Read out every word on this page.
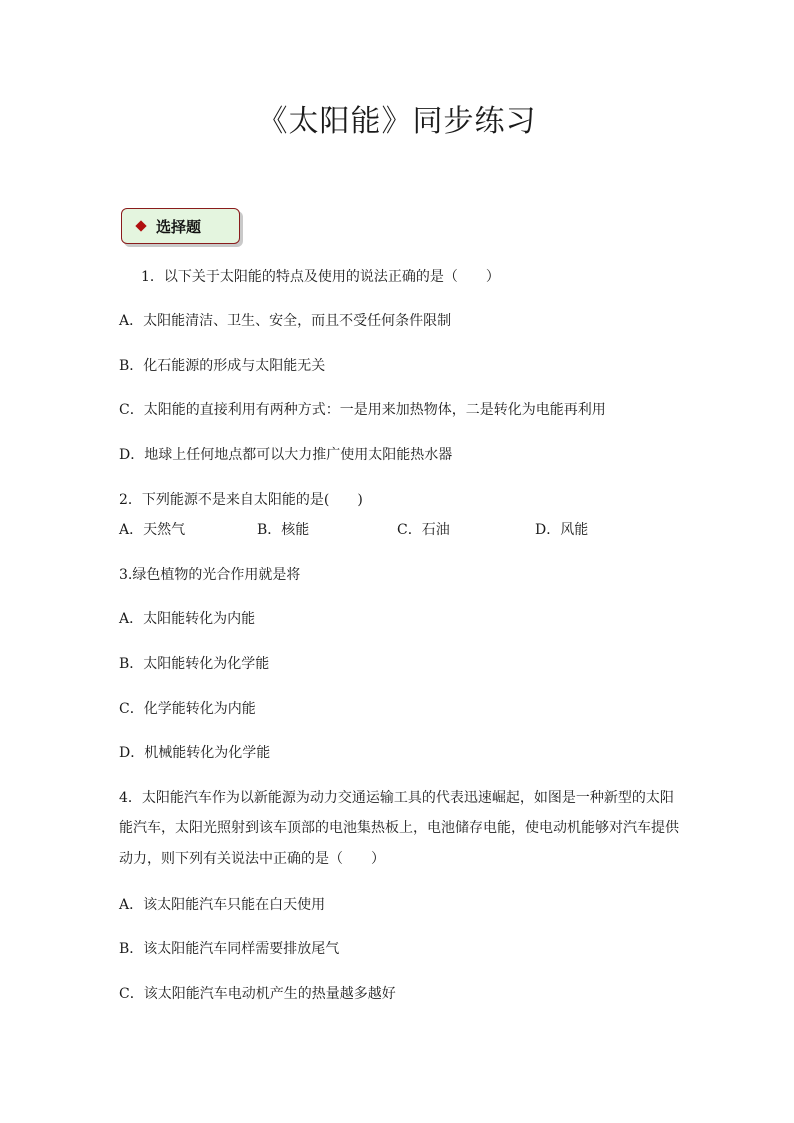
《太阳能》同步练习
选择题
1．以下关于太阳能的特点及使用的说法正确的是（　　）
A．太阳能清洁、卫生、安全，而且不受任何条件限制
B．化石能源的形成与太阳能无关
C．太阳能的直接利用有两种方式：一是用来加热物体，二是转化为电能再利用
D．地球上任何地点都可以大力推广使用太阳能热水器
2．下列能源不是来自太阳能的是(　　)
A．天然气	B．核能	C．石油	D．风能
3.绿色植物的光合作用就是将
A．太阳能转化为内能
B．太阳能转化为化学能
C．化学能转化为内能
D．机械能转化为化学能
4．太阳能汽车作为以新能源为动力交通运输工具的代表迅速崛起，如图是一种新型的太阳
能汽车，太阳光照射到该车顶部的电池集热板上，电池储存电能，使电动机能够对汽车提供
动力，则下列有关说法中正确的是（　　）
A．该太阳能汽车只能在白天使用
B．该太阳能汽车同样需要排放尾气
C．该太阳能汽车电动机产生的热量越多越好
